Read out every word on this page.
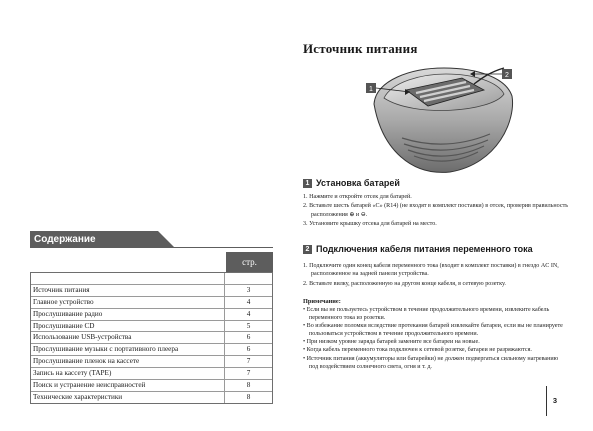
Содержание
стр.
Источник питания	3
Главное устройство	4
Прослушивание радио	4
Прослушивание CD	5
Использование USB-устройства	6
Прослушивание музыки с портативного плеера	6
Прослушивание пленок на кассете	7
Запись на кассету (TAPE)	7
Поиск и устранение неисправностей	8
Технические характеристики	8
Источник питания
1
2
1 Установка батарей
1. Нажмите и откройте отсек для батарей.
2. Вставьте шесть батарей «C» (R14) (не входят в комплект поставки) в отсек, проверив правильность расположения ⊕ и ⊖.
3. Установите крышку отсека для батарей на место.
2 Подключения кабеля питания переменного тока
1. Подключите один конец кабеля переменного тока (входит в комплект поставки) в гнездо AC IN, расположенное на задней панели устройства.
2. Вставьте вилку, расположенную на другом конце кабеля, в сетевую розетку.
Примечание:
• Если вы не пользуетесь устройством в течение продолжительного времени, извлеките кабель переменного тока из розетки.
• Во избежание поломки вследствие протекания батарей извлекайте батареи, если вы не планируете пользоваться устройством в течение продолжительного времени.
• При низком уровне заряда батарей замените все батареи на новые.
• Когда кабель переменного тока подключен к сетевой розетке, батареи не разряжаются.
• Источник питания (аккумуляторы или батарейки) не должен подвергаться сильному нагреванию под воздействием солнечного света, огня и т. д.
3
